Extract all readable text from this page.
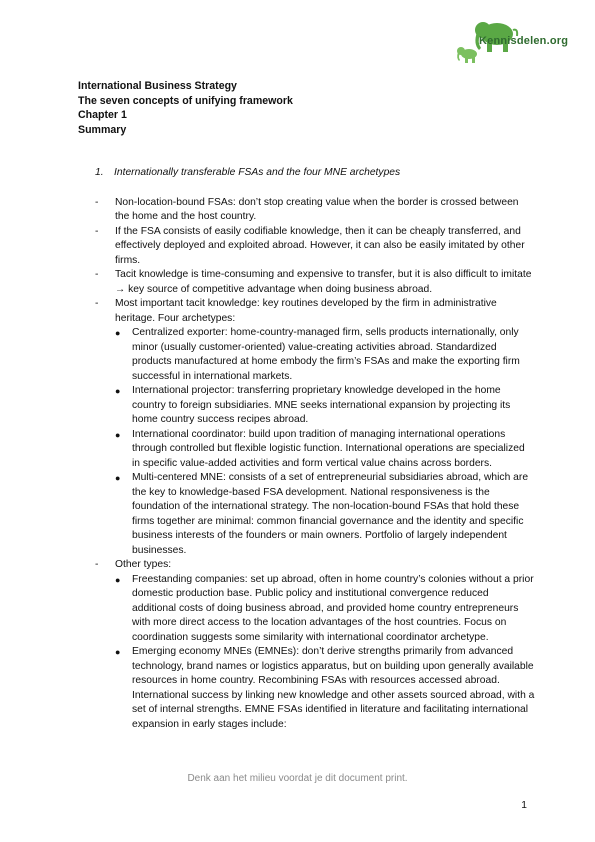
Kennisdelen.org
International Business Strategy
The seven concepts of unifying framework
Chapter 1
Summary
1.	Internationally transferable FSAs and the four MNE archetypes
-	Non-location-bound FSAs: don’t stop creating value when the border is crossed between the home and the host country.
-	If the FSA consists of easily codifiable knowledge, then it can be cheaply transferred, and effectively deployed and exploited abroad. However, it can also be easily imitated by other firms.
-	Tacit knowledge is time-consuming and expensive to transfer, but it is also difficult to imitate → key source of competitive advantage when doing business abroad.
-	Most important tacit knowledge: key routines developed by the firm in administrative heritage. Four archetypes:
●	Centralized exporter: home-country-managed firm, sells products internationally, only minor (usually customer-oriented) value-creating activities abroad. Standardized products manufactured at home embody the firm’s FSAs and make the exporting firm successful in international markets.
●	International projector: transferring proprietary knowledge developed in the home country to foreign subsidiaries. MNE seeks international expansion by projecting its home country success recipes abroad.
●	International coordinator: build upon tradition of managing international operations through controlled but flexible logistic function. International operations are specialized in specific value-added activities and form vertical value chains across borders.
●	Multi-centered MNE: consists of a set of entrepreneurial subsidiaries abroad, which are the key to knowledge-based FSA development. National responsiveness is the foundation of the international strategy. The non-location-bound FSAs that hold these firms together are minimal: common financial governance and the identity and specific business interests of the founders or main owners. Portfolio of largely independent businesses.
-	Other types:
●	Freestanding companies: set up abroad, often in home country’s colonies without a prior domestic production base. Public policy and institutional convergence reduced additional costs of doing business abroad, and provided home country entrepreneurs with more direct access to the location advantages of the host countries. Focus on coordination suggests some similarity with international coordinator archetype.
●	Emerging economy MNEs (EMNEs): don’t derive strengths primarily from advanced technology, brand names or logistics apparatus, but on building upon generally available resources in home country. Recombining FSAs with resources accessed abroad. International success by linking new knowledge and other assets sourced abroad, with a set of internal strengths. EMNE FSAs identified in literature and facilitating international expansion in early stages include:
Denk aan het milieu voordat je dit document print.
1
